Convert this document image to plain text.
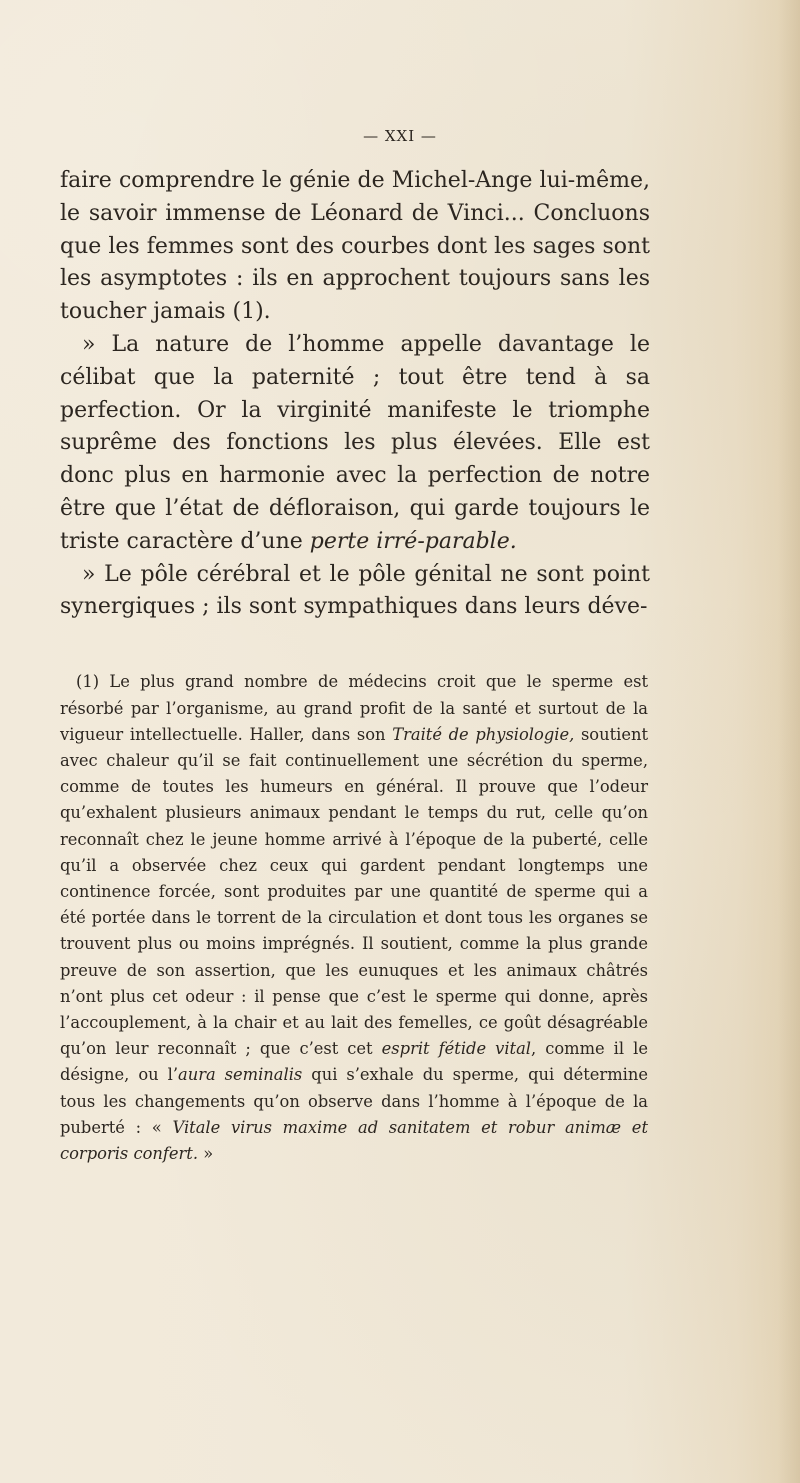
— XXI —

faire comprendre le génie de Michel-Ange lui-même, le savoir immense de Léonard de Vinci... Concluons que les femmes sont des courbes dont les sages sont les asymptotes : ils en approchent toujours sans les toucher jamais (1).

» La nature de l’homme appelle davantage le célibat que la paternité ; tout être tend à sa perfection. Or la virginité manifeste le triomphe suprême des fonctions les plus élevées. Elle est donc plus en harmonie avec la perfection de notre être que l’état de défloraison, qui garde toujours le triste caractère d’une perte irré-parable.

» Le pôle cérébral et le pôle génital ne sont point synergiques ; ils sont sympathiques dans leurs déve-

(1) Le plus grand nombre de médecins croit que le sperme est résorbé par l’organisme, au grand profit de la santé et surtout de la vigueur intellectuelle. Haller, dans son Traité de physiologie, soutient avec chaleur qu’il se fait continuellement une sécrétion du sperme, comme de toutes les humeurs en général. Il prouve que l’odeur qu’exhalent plusieurs animaux pendant le temps du rut, celle qu’on reconnaît chez le jeune homme arrivé à l’époque de la puberté, celle qu’il a observée chez ceux qui gardent pendant longtemps une continence forcée, sont produites par une quantité de sperme qui a été portée dans le torrent de la circulation et dont tous les organes se trouvent plus ou moins imprégnés. Il soutient, comme la plus grande preuve de son assertion, que les eunuques et les animaux châtrés n’ont plus cet odeur : il pense que c’est le sperme qui donne, après l’accouplement, à la chair et au lait des femelles, ce goût désagréable qu’on leur reconnaît ; que c’est cet esprit fétide vital, comme il le désigne, ou l’aura seminalis qui s’exhale du sperme, qui détermine tous les changements qu’on observe dans l’homme à l’époque de la puberté : « Vitale virus maxime ad sanitatem et robur animæ et corporis confert. »
